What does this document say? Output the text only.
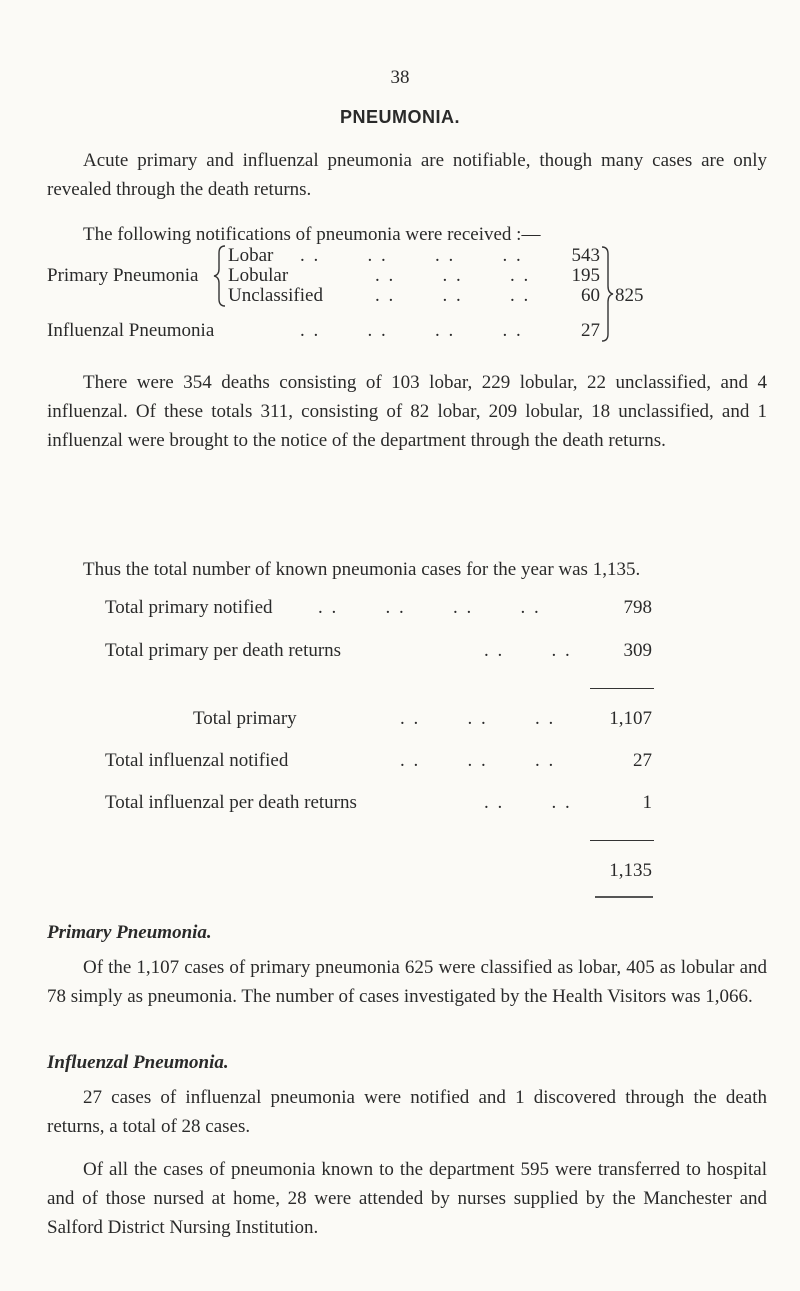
38
PNEUMONIA.

Acute primary and influenzal pneumonia are notifiable, though many cases are only revealed through the death returns.

The following notifications of pneumonia were received :—

Primary Pneumonia
Lobar . .       . .       . .       . .	543
Lobular	. .       . .       . .	195
Unclassified	. .       . .       . .	60
Influenzal Pneumonia	. .       . .       . .       . .	27
825

There were 354 deaths consisting of 103 lobar, 229 lobular, 22 unclassified, and 4 influenzal. Of these totals 311, consisting of 82 lobar, 209 lobular, 18 unclassified, and 1 influenzal were brought to the notice of the department through the death returns.

Thus the total number of known pneumonia cases for the year was 1,135.

Total primary notified . .       . .       . .       . .	798
Total primary per death returns	. .       . .	309
Total primary	. .       . .       . .	1,107
Total influenzal notified	. .       . .       . .	27
Total influenzal per death returns	. .       . .	1
1,135
Primary Pneumonia.

Of the 1,107 cases of primary pneumonia 625 were classified as lobar, 405 as lobular and 78 simply as pneumonia. The number of cases investigated by the Health Visitors was 1,066.

Influenzal Pneumonia.

27 cases of influenzal pneumonia were notified and 1 discovered through the death returns, a total of 28 cases.

Of all the cases of pneumonia known to the department 595 were transferred to hospital and of those nursed at home, 28 were attended by nurses supplied by the Manchester and Salford District Nursing Institution.
